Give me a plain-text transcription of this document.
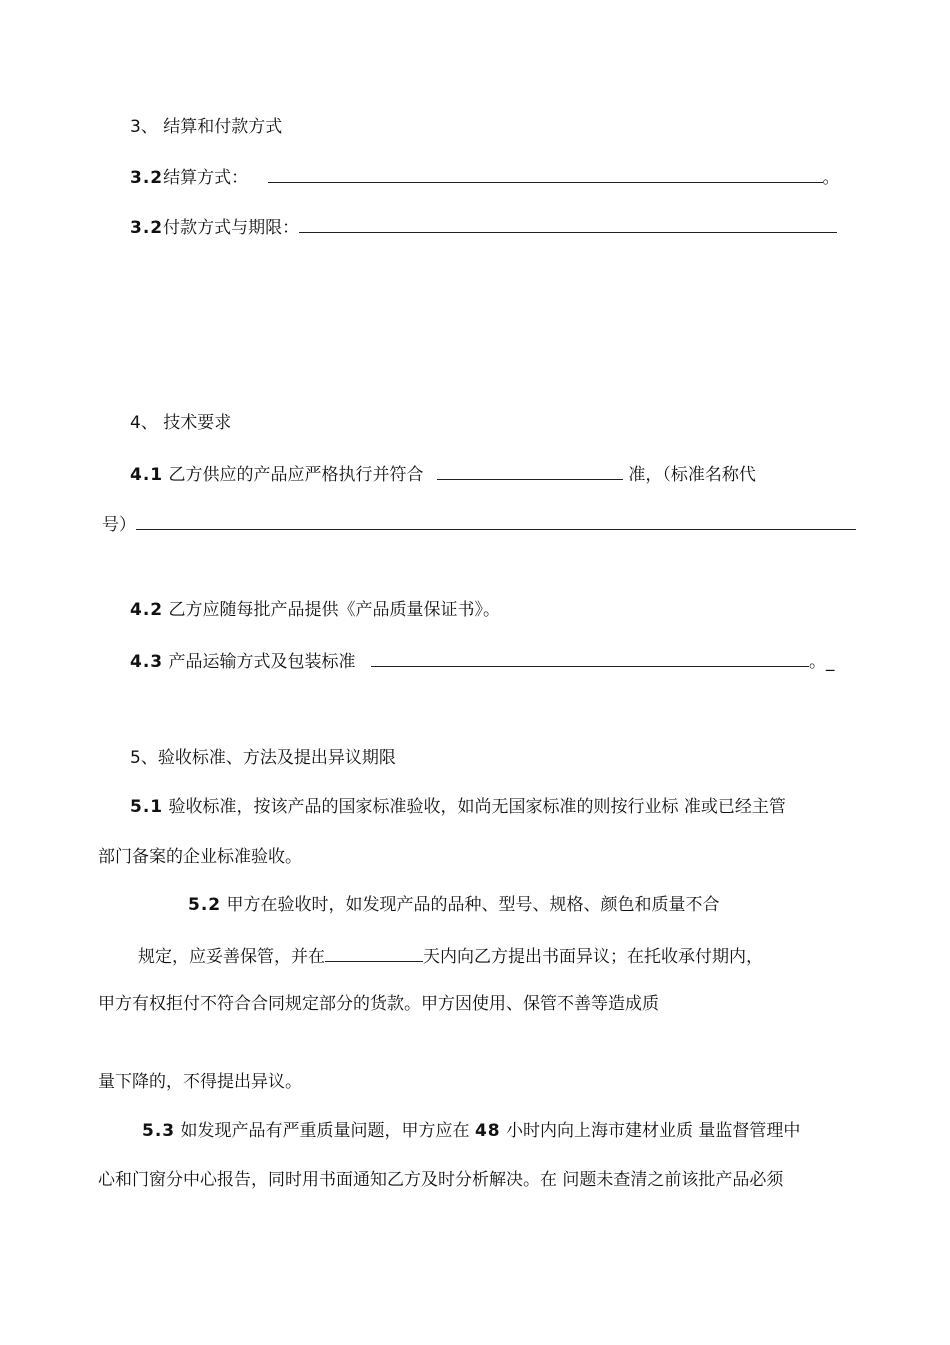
3、 结算和付款方式
3.2结算方式：	。
3.2付款方式与期限：
4、 技术要求
4.1 乙方供应的产品应严格执行并符合	准，（标准名称代
号）
4.2 乙方应随每批产品提供《产品质量保证书》。
4.3 产品运输方式及包装标准	。_
5、验收标准、方法及提出异议期限
5.1 验收标准，按该产品的国家标准验收，如尚无国家标准的则按行业标 准或已经主管
部门备案的企业标准验收。
5.2 甲方在验收时，如发现产品的品种、型号、规格、颜色和质量不合
规定，应妥善保管，并在	天内向乙方提出书面异议；在托收承付期内，
甲方有权拒付不符合合同规定部分的货款。甲方因使用、保管不善等造成质
量下降的，不得提出异议。
5.3 如发现产品有严重质量问题，甲方应在 48 小时内向上海市建材业质 量监督管理中
心和门窗分中心报告，同时用书面通知乙方及时分析解决。在 问题未查清之前该批产品必须
